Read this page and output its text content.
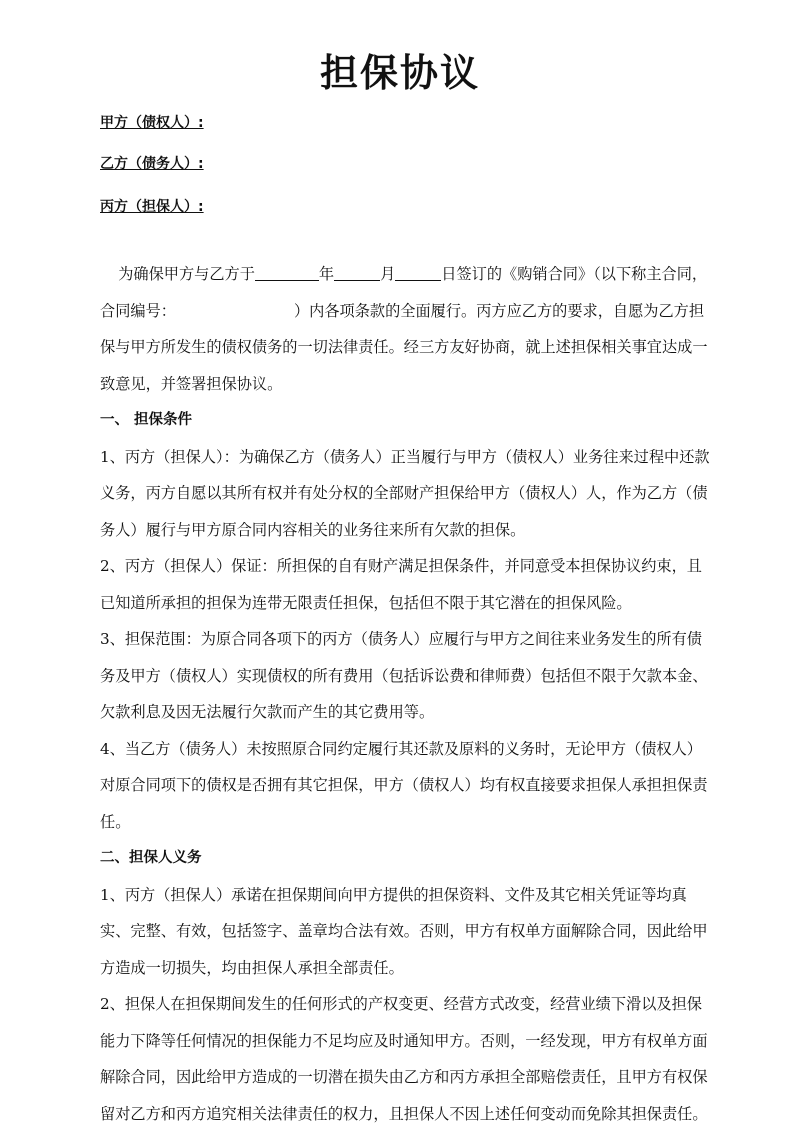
担保协议
甲方（债权人）:
乙方（债务人）:
丙方（担保人）:

为确保甲方与乙方于	年	月	日签订的《购销合同》（以下称主合同，合同编号：	）内各项条款的全面履行。丙方应乙方的要求，自愿为乙方担保与甲方所发生的债权债务的一切法律责任。经三方友好协商，就上述担保相关事宜达成一致意见，并签署担保协议。

一、 担保条件

1、丙方（担保人）：为确保乙方（债务人）正当履行与甲方（债权人）业务往来过程中还款义务，丙方自愿以其所有权并有处分权的全部财产担保给甲方（债权人）人，作为乙方（债务人）履行与甲方原合同内容相关的业务往来所有欠款的担保。

2、丙方（担保人）保证：所担保的自有财产满足担保条件，并同意受本担保协议约束，且已知道所承担的担保为连带无限责任担保，包括但不限于其它潜在的担保风险。

3、担保范围：为原合同各项下的丙方（债务人）应履行与甲方之间往来业务发生的所有债务及甲方（债权人）实现债权的所有费用（包括诉讼费和律师费）包括但不限于欠款本金、欠款利息及因无法履行欠款而产生的其它费用等。

4、当乙方（债务人）未按照原合同约定履行其还款及原料的义务时，无论甲方（债权人）对原合同项下的债权是否拥有其它担保，甲方（债权人）均有权直接要求担保人承担担保责任。

二、担保人义务

1、丙方（担保人）承诺在担保期间向甲方提供的担保资料、文件及其它相关凭证等均真实、完整、有效，包括签字、盖章均合法有效。否则，甲方有权单方面解除合同，因此给甲方造成一切损失，均由担保人承担全部责任。

2、担保人在担保期间发生的任何形式的产权变更、经营方式改变，经营业绩下滑以及担保能力下降等任何情况的担保能力不足均应及时通知甲方。否则，一经发现，甲方有权单方面解除合同，因此给甲方造成的一切潜在损失由乙方和丙方承担全部赔偿责任，且甲方有权保留对乙方和丙方追究相关法律责任的权力，且担保人不因上述任何变动而免除其担保责任。
